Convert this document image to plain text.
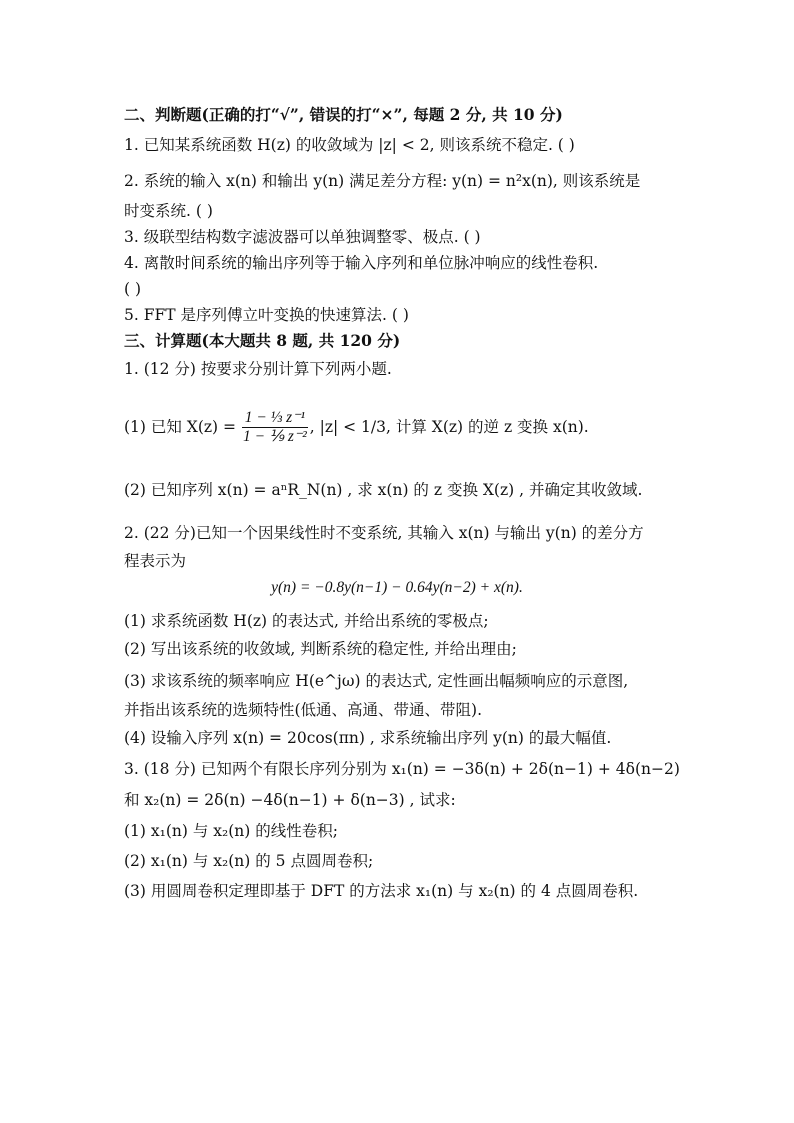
二、判断题(正确的打“√”, 错误的打“×”, 每题 2 分, 共 10 分)
1. 已知某系统函数 H(z) 的收敛域为 |z| < 2, 则该系统不稳定. ( )
2. 系统的输入 x(n) 和输出 y(n) 满足差分方程: y(n) = n²x(n), 则该系统是
时变系统. ( )
3. 级联型结构数字滤波器可以单独调整零、极点. ( )
4. 离散时间系统的输出序列等于输入序列和单位脉冲响应的线性卷积.
( )
5. FFT 是序列傅立叶变换的快速算法. ( )
三、计算题(本大题共 8 题, 共 120 分)
1. (12 分) 按要求分别计算下列两小题.
(1) 已知 $X(z) = \frac{\text{1 − ⅓ z⁻¹}}{\text{1 − ⅑ z⁻²}}$ , |z| < 1/3 , 计算 X(z) 的逆 z 变换 x(n).
(2) 已知序列 x(n) = aⁿR_N(n) , 求 x(n) 的 z 变换 X(z) , 并确定其收敛域.
2. (22 分)已知一个因果线性时不变系统, 其输入 x(n) 与输出 y(n) 的差分方
程表示为
y(n) = −0.8y(n−1) − 0.64y(n−2) + x(n).
(1) 求系统函数 H(z) 的表达式, 并给出系统的零极点;
(2) 写出该系统的收敛域, 判断系统的稳定性, 并给出理由;
(3) 求该系统的频率响应 H(e^jω) 的表达式, 定性画出幅频响应的示意图,
并指出该系统的选频特性(低通、高通、带通、带阻).
(4) 设输入序列 x(n) = 20cos(πn) , 求系统输出序列 y(n) 的最大幅值.
3. (18 分) 已知两个有限长序列分别为 x₁(n) = −3δ(n) + 2δ(n−1) + 4δ(n−2)
和 x₂(n) = 2δ(n) −4δ(n−1) + δ(n−3) , 试求:
(1) x₁(n) 与 x₂(n) 的线性卷积;
(2) x₁(n) 与 x₂(n) 的 5 点圆周卷积;
(3) 用圆周卷积定理即基于 DFT 的方法求 x₁(n) 与 x₂(n) 的 4 点圆周卷积.
